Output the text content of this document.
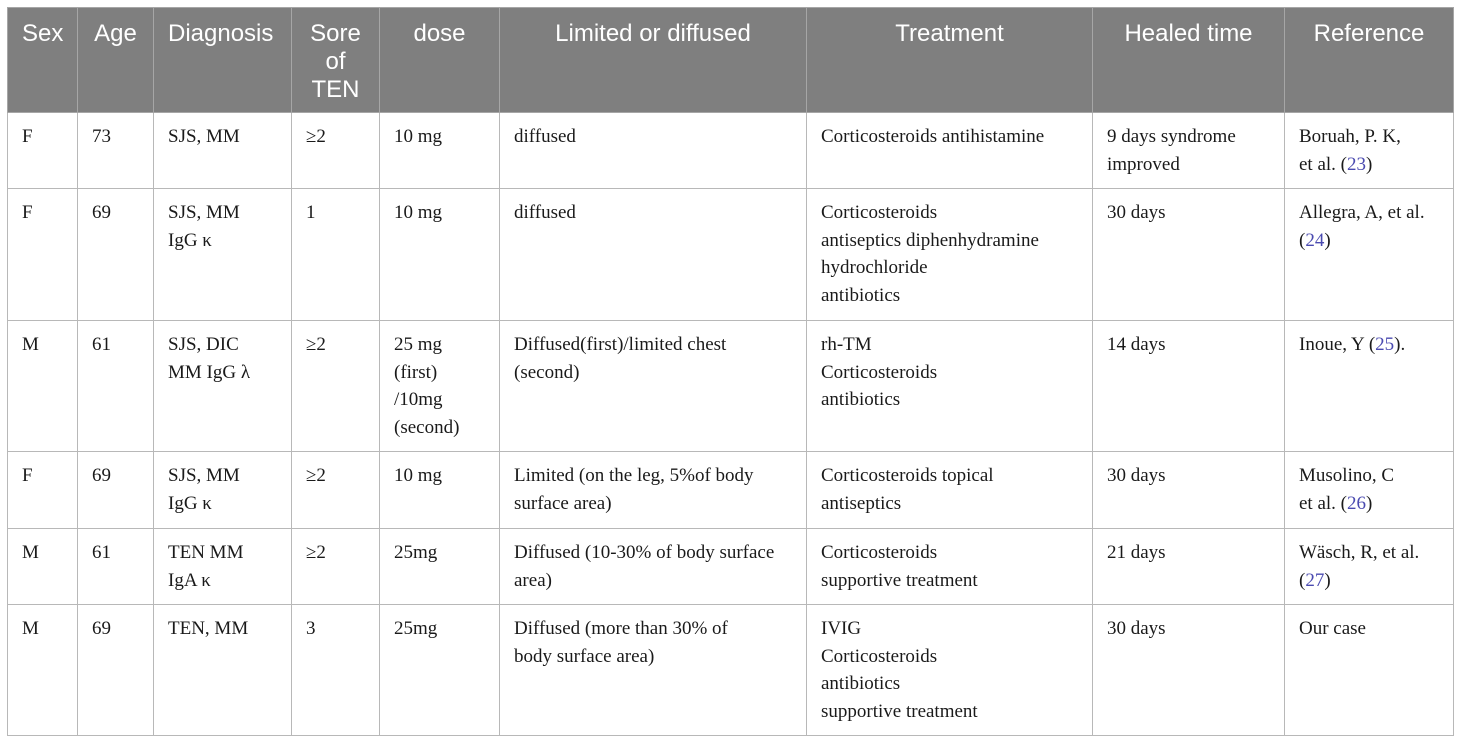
Sex	Age	Diagnosis	Sore
of
TEN	dose	Limited or diffused	Treatment	Healed time	Reference
F	73	SJS, MM	≥2	10 mg	diffused	Corticosteroids antihistamine	9 days syndrome
improved	Boruah, P. K,
et al. (23)

F	69	SJS, MM
IgG κ	1	10 mg	diffused	Corticosteroids
antiseptics diphenhydramine
hydrochloride
antibiotics	30 days	Allegra, A, et al.
(24)

M	61	SJS, DIC
MM IgG λ	≥2	25 mg
(first)
/10mg
(second)	Diffused(first)/limited chest
(second)	rh-TM
Corticosteroids
antibiotics	14 days	Inoue, Y (25).

F	69	SJS, MM
IgG κ	≥2	10 mg	Limited (on the leg, 5%of body
surface area)	Corticosteroids topical
antiseptics	30 days	Musolino, C
et al. (26)

M	61	TEN MM
IgA κ	≥2	25mg	Diffused (10-30% of body surface
area)	Corticosteroids
supportive treatment	21 days	Wäsch, R, et al.
(27)

M	69	TEN, MM	3	25mg	Diffused (more than 30% of
body surface area)	IVIG
Corticosteroids
antibiotics
supportive treatment	30 days	Our case
